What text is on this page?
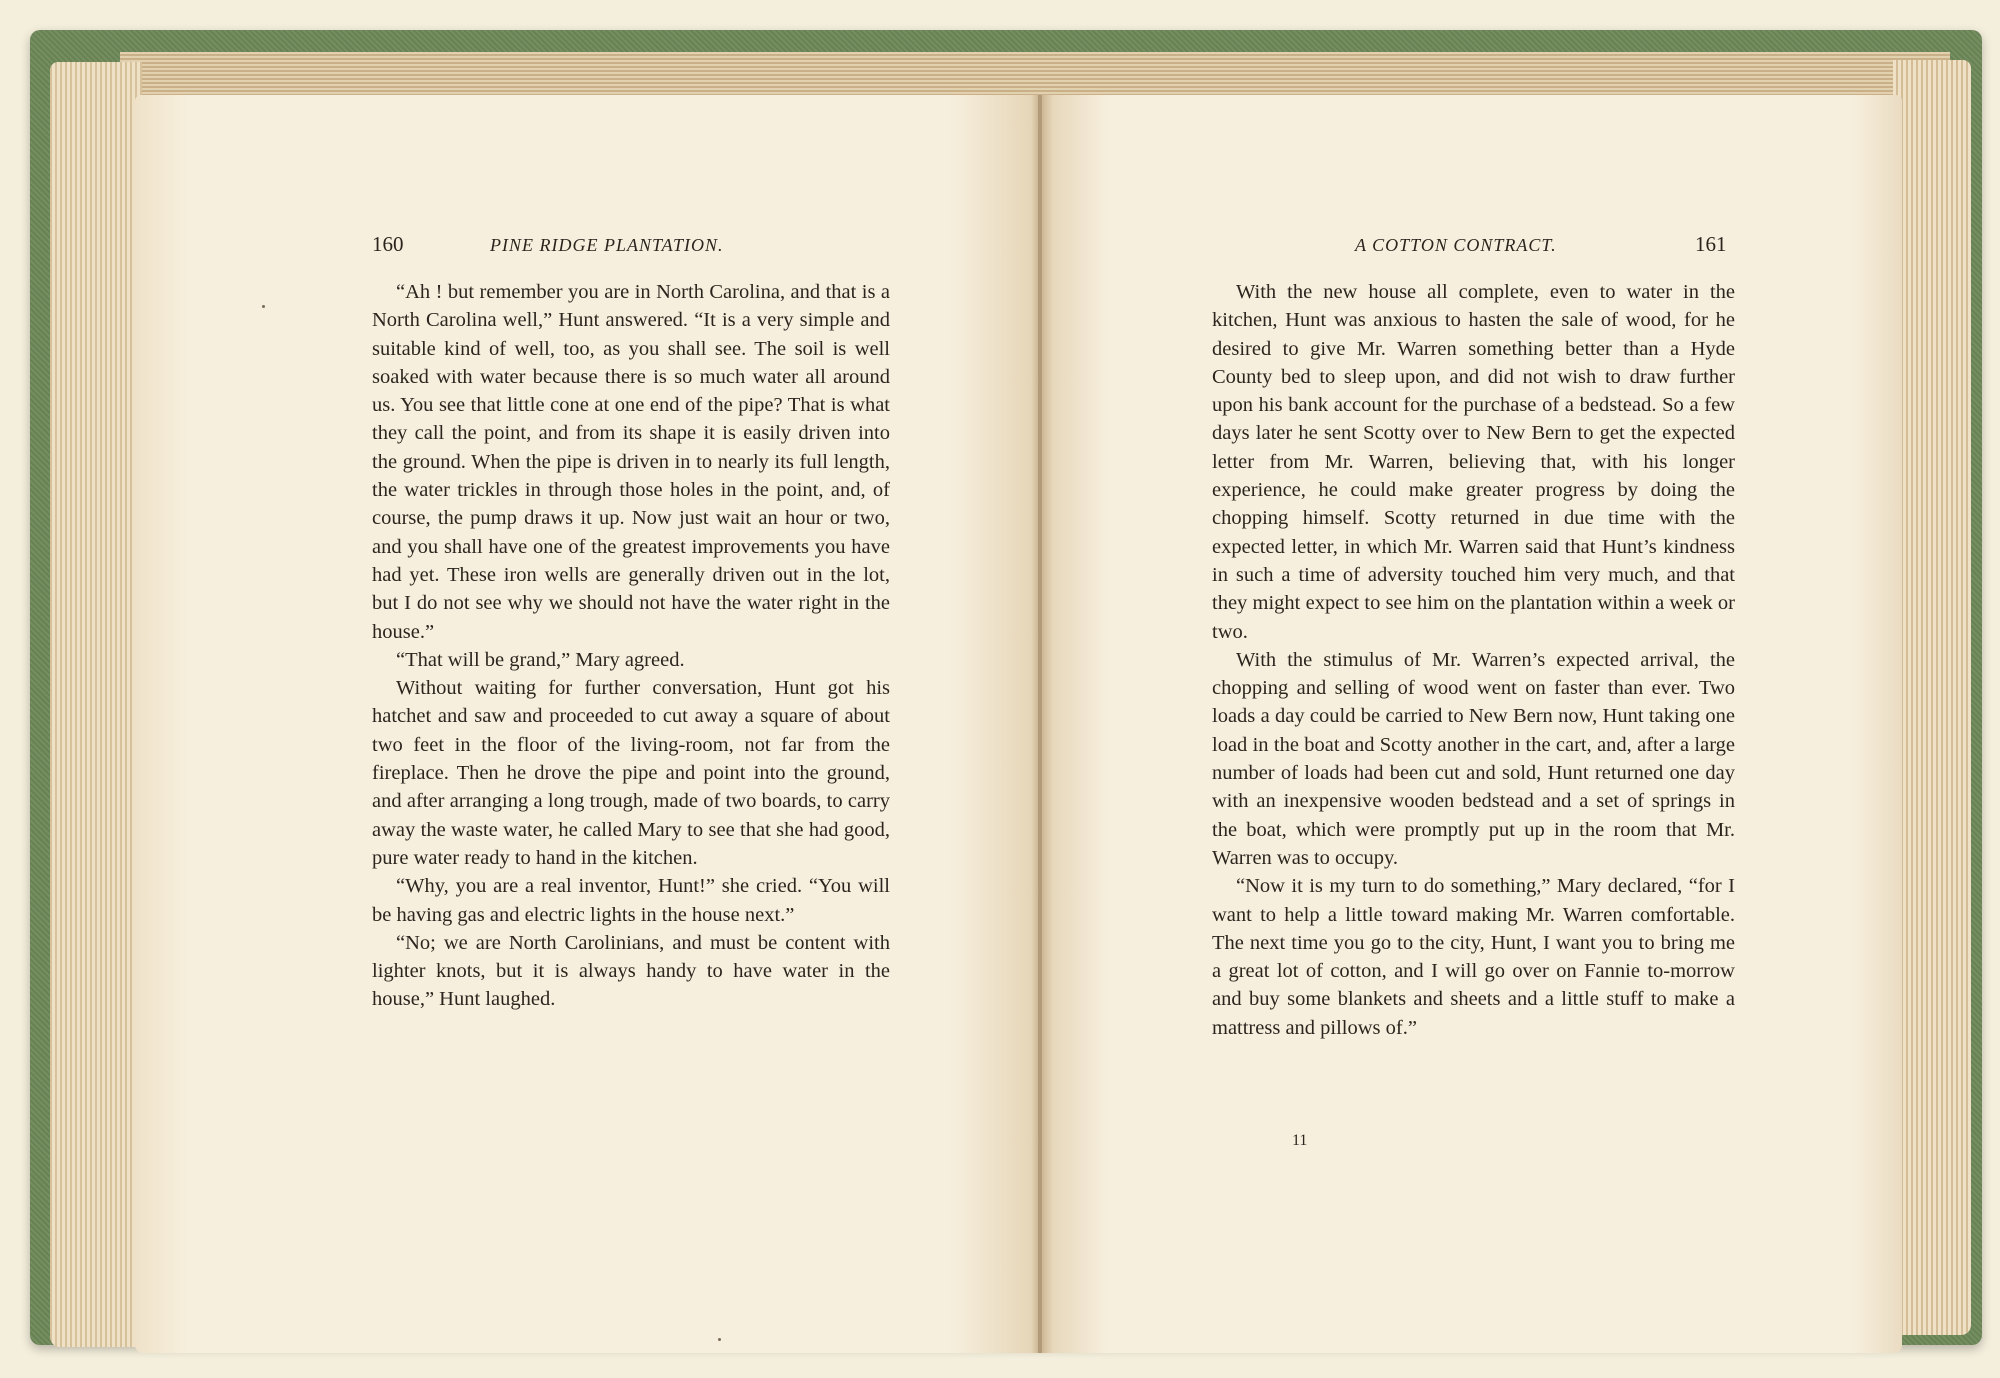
160	PINE RIDGE PLANTATION.

“Ah ! but remember you are in North Carolina, and that is a North Carolina well,” Hunt answered. “It is a very simple and suitable kind of well, too, as you shall see. The soil is well soaked with water because there is so much water all around us. You see that little cone at one end of the pipe? That is what they call the point, and from its shape it is easily driven into the ground. When the pipe is driven in to nearly its full length, the water trickles in through those holes in the point, and, of course, the pump draws it up. Now just wait an hour or two, and you shall have one of the greatest improvements you have had yet. These iron wells are generally driven out in the lot, but I do not see why we should not have the water right in the house.”

“That will be grand,” Mary agreed.

Without waiting for further conversation, Hunt got his hatchet and saw and proceeded to cut away a square of about two feet in the floor of the living-room, not far from the fireplace. Then he drove the pipe and point into the ground, and after arranging a long trough, made of two boards, to carry away the waste water, he called Mary to see that she had good, pure water ready to hand in the kitchen.

“Why, you are a real inventor, Hunt!” she cried. “You will be having gas and electric lights in the house next.”

“No; we are North Carolinians, and must be content with lighter knots, but it is always handy to have water in the house,” Hunt laughed.

A COTTON CONTRACT.	161

With the new house all complete, even to water in the kitchen, Hunt was anxious to hasten the sale of wood, for he desired to give Mr. Warren something better than a Hyde County bed to sleep upon, and did not wish to draw further upon his bank account for the purchase of a bedstead. So a few days later he sent Scotty over to New Bern to get the expected letter from Mr. Warren, believing that, with his longer experience, he could make greater progress by doing the chopping himself. Scotty returned in due time with the expected letter, in which Mr. Warren said that Hunt’s kindness in such a time of adversity touched him very much, and that they might expect to see him on the plantation within a week or two.

With the stimulus of Mr. Warren’s expected arrival, the chopping and selling of wood went on faster than ever. Two loads a day could be carried to New Bern now, Hunt taking one load in the boat and Scotty another in the cart, and, after a large number of loads had been cut and sold, Hunt returned one day with an inexpensive wooden bedstead and a set of springs in the boat, which were promptly put up in the room that Mr. Warren was to occupy.

“Now it is my turn to do something,” Mary declared, “for I want to help a little toward making Mr. Warren comfortable. The next time you go to the city, Hunt, I want you to bring me a great lot of cotton, and I will go over on Fannie to-morrow and buy some blankets and sheets and a little stuff to make a mattress and pillows of.”

11
